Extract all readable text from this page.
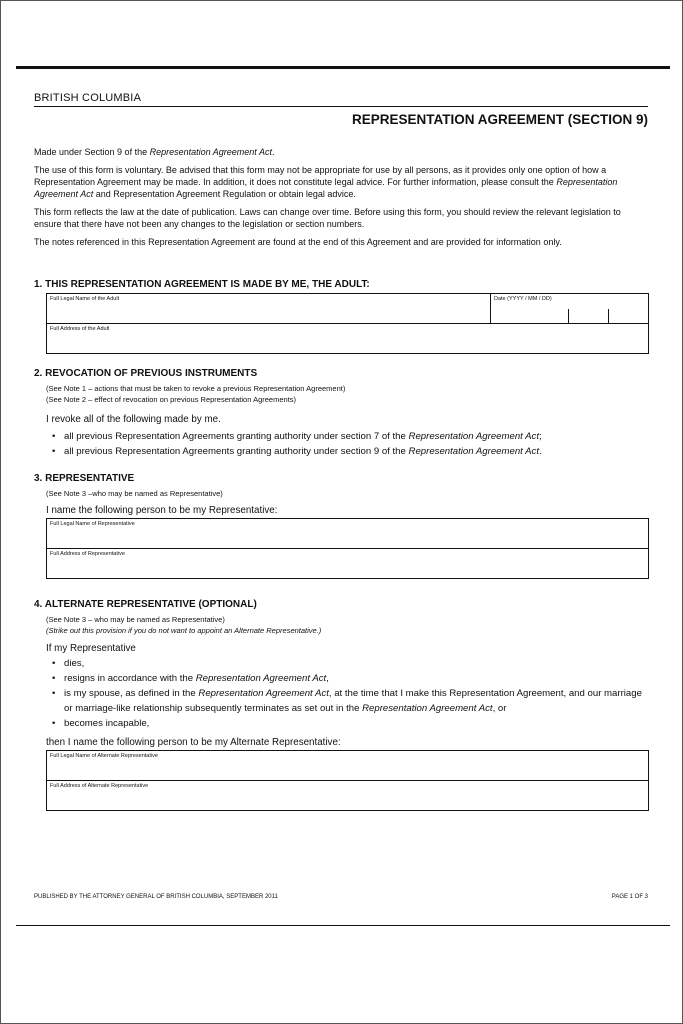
BRITISH COLUMBIA
REPRESENTATION AGREEMENT (SECTION 9)

Made under Section 9 of the Representation Agreement Act.

The use of this form is voluntary. Be advised that this form may not be appropriate for use by all persons, as it provides only one option of how a Representation Agreement may be made. In addition, it does not constitute legal advice. For further information, please consult the Representation Agreement Act and Representation Agreement Regulation or obtain legal advice.

This form reflects the law at the date of publication. Laws can change over time. Before using this form, you should review the relevant legislation to ensure that there have not been any changes to the legislation or section numbers.

The notes referenced in this Representation Agreement are found at the end of this Agreement and are provided for information only.

1. THIS REPRESENTATION AGREEMENT IS MADE BY ME, THE ADULT:
Full Legal Name of the Adult	Date (YYYY / MM / DD)
Full Address of the Adult
2. REVOCATION OF PREVIOUS INSTRUMENTS

(See Note 1 – actions that must be taken to revoke a previous Representation Agreement)

(See Note 2 – effect of revocation on previous Representation Agreements)

I revoke all of the following made by me.

• all previous Representation Agreements granting authority under section 7 of the Representation Agreement Act;
• all previous Representation Agreements granting authority under section 9 of the Representation Agreement Act.
3. REPRESENTATIVE

(See Note 3 –who may be named as Representative)

I name the following person to be my Representative:

Full Legal Name of Representative
Full Address of Representative
4. ALTERNATE REPRESENTATIVE (OPTIONAL)

(See Note 3 – who may be named as Representative)

(Strike out this provision if you do not want to appoint an Alternate Representative.)

If my Representative

• dies,
• resigns in accordance with the Representation Agreement Act,
• is my spouse, as defined in the Representation Agreement Act, at the time that I make this Representation Agreement, and our marriage or marriage-like relationship subsequently terminates as set out in the Representation Agreement Act, or
• becomes incapable,

then I name the following person to be my Alternate Representative:

Full Legal Name of Alternate Representative
Full Address of Alternate Representative
PUBLISHED BY THE ATTORNEY GENERAL OF BRITISH COLUMBIA, SEPTEMBER 2011	PAGE 1 OF 3
